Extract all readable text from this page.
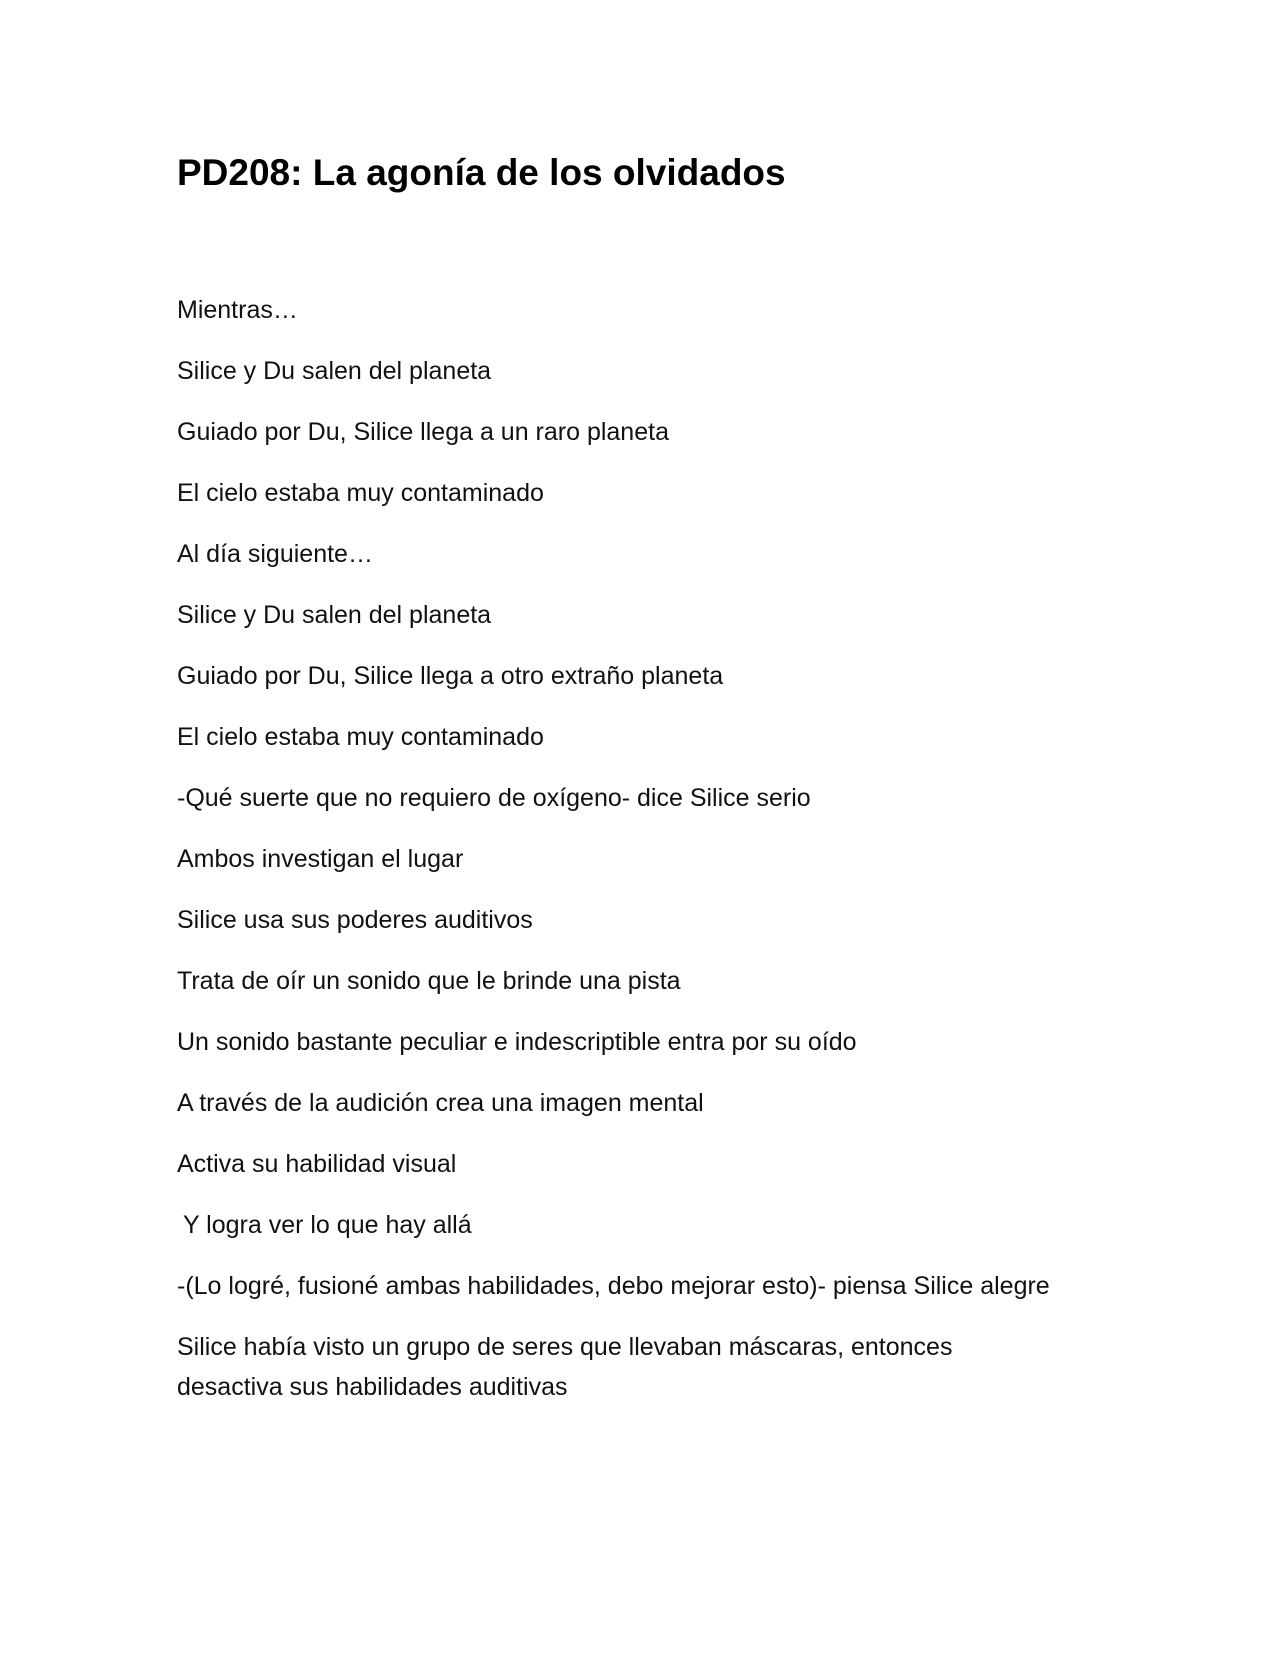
PD208: La agonía de los olvidados

Mientras…

Silice y Du salen del planeta

Guiado por Du, Silice llega a un raro planeta

El cielo estaba muy contaminado

Al día siguiente…

Silice y Du salen del planeta

Guiado por Du, Silice llega a otro extraño planeta

El cielo estaba muy contaminado

-Qué suerte que no requiero de oxígeno- dice Silice serio

Ambos investigan el lugar

Silice usa sus poderes auditivos

Trata de oír un sonido que le brinde una pista

Un sonido bastante peculiar e indescriptible entra por su oído

A través de la audición crea una imagen mental

Activa su habilidad visual

Y logra ver lo que hay allá

-(Lo logré, fusioné ambas habilidades, debo mejorar esto)- piensa Silice alegre

Silice había visto un grupo de seres que llevaban máscaras, entonces desactiva sus habilidades auditivas
